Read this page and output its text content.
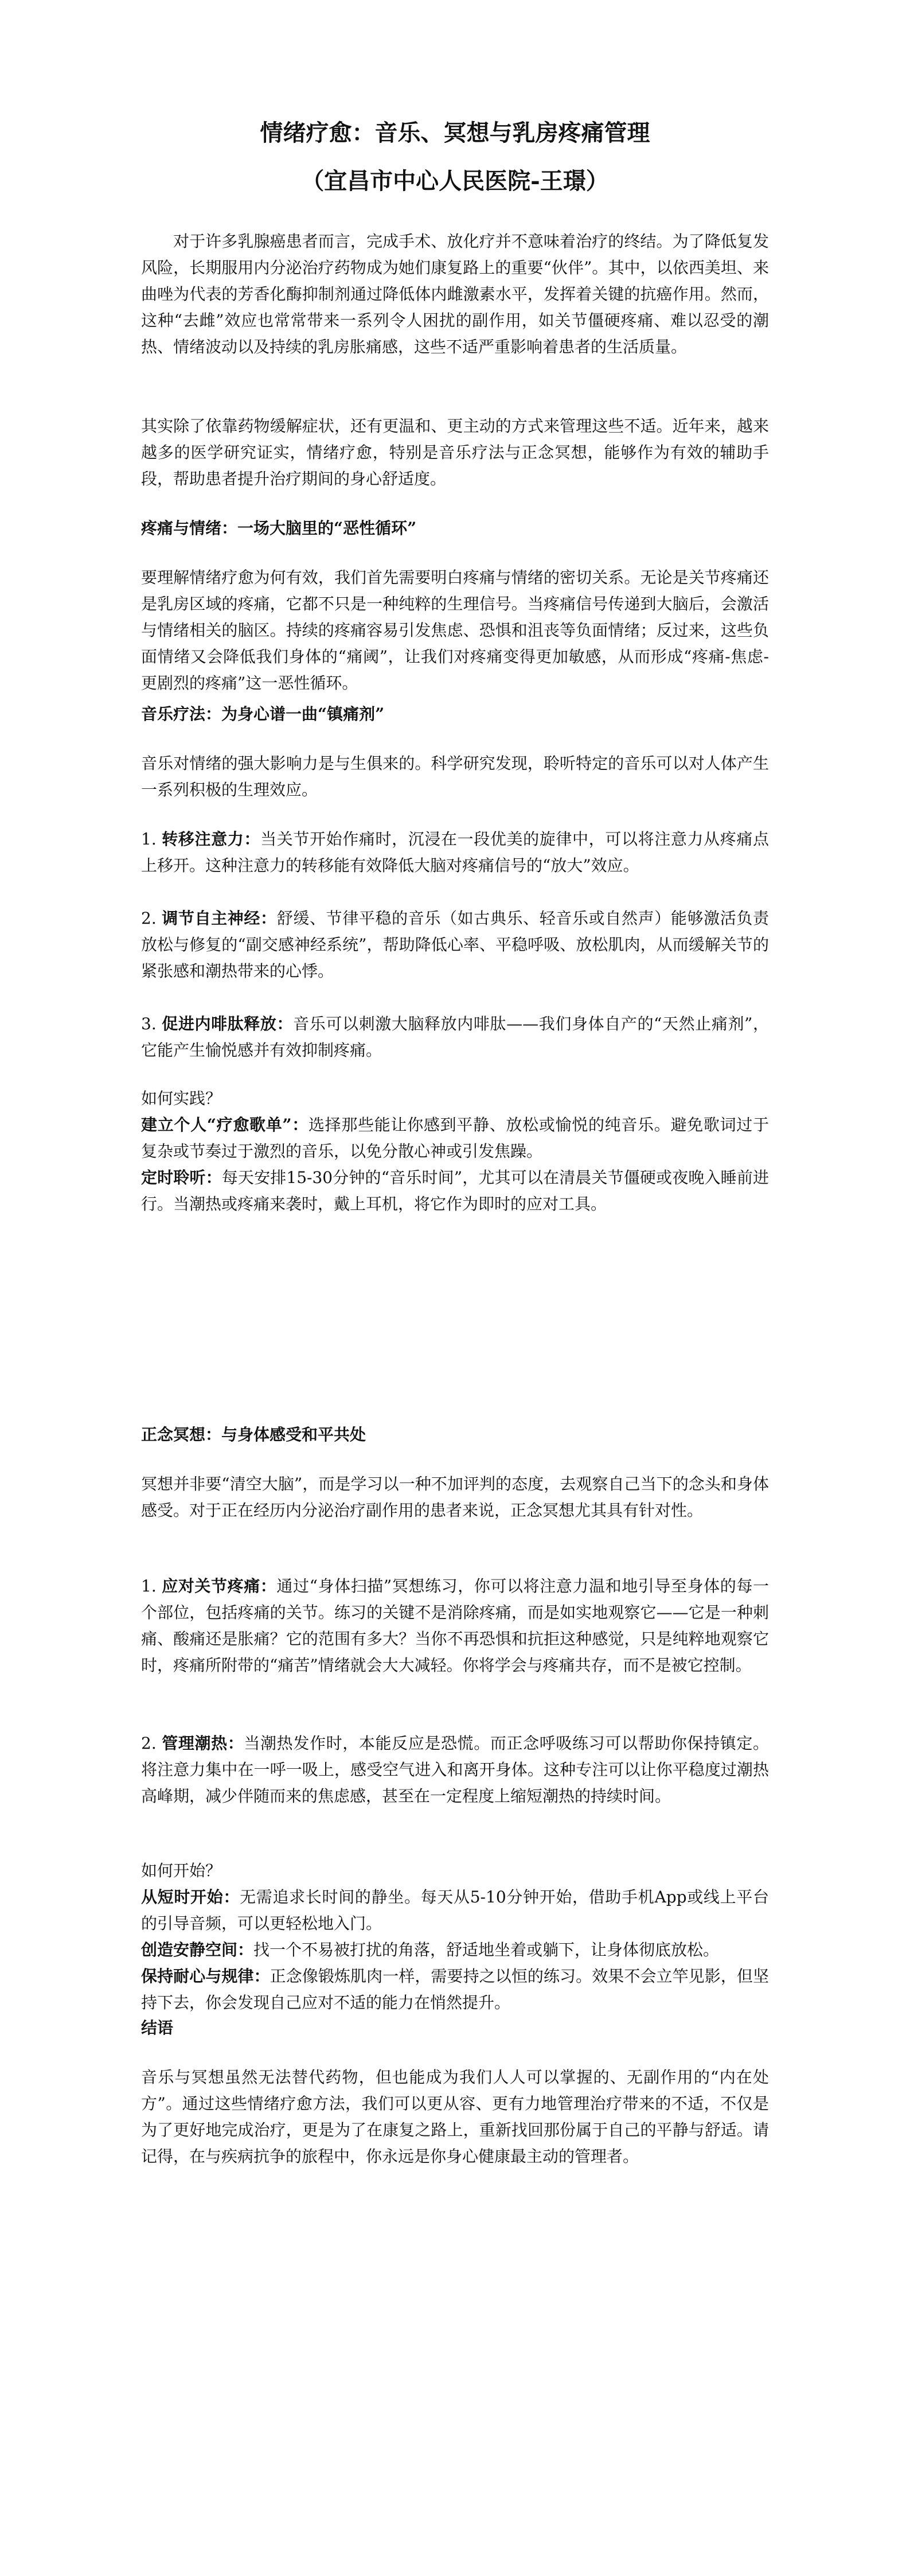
情绪疗愈：音乐、冥想与乳房疼痛管理
（宜昌市中心人民医院-王璟）

对于许多乳腺癌患者而言，完成手术、放化疗并不意味着治疗的终结。为了降低复发风险，长期服用内分泌治疗药物成为她们康复路上的重要“伙伴”。其中，以依西美坦、来曲唑为代表的芳香化酶抑制剂通过降低体内雌激素水平，发挥着关键的抗癌作用。然而，这种“去雌”效应也常常带来一系列令人困扰的副作用，如关节僵硬疼痛、难以忍受的潮热、情绪波动以及持续的乳房胀痛感，这些不适严重影响着患者的生活质量。

其实除了依靠药物缓解症状，还有更温和、更主动的方式来管理这些不适。近年来，越来越多的医学研究证实，情绪疗愈，特别是音乐疗法与正念冥想，能够作为有效的辅助手段，帮助患者提升治疗期间的身心舒适度。

疼痛与情绪：一场大脑里的“恶性循环”

要理解情绪疗愈为何有效，我们首先需要明白疼痛与情绪的密切关系。无论是关节疼痛还是乳房区域的疼痛，它都不只是一种纯粹的生理信号。当疼痛信号传递到大脑后，会激活与情绪相关的脑区。持续的疼痛容易引发焦虑、恐惧和沮丧等负面情绪；反过来，这些负面情绪又会降低我们身体的“痛阈”，让我们对疼痛变得更加敏感，从而形成“疼痛-焦虑-更剧烈的疼痛”这一恶性循环。

音乐疗法：为身心谱一曲“镇痛剂”

音乐对情绪的强大影响力是与生俱来的。科学研究发现，聆听特定的音乐可以对人体产生一系列积极的生理效应。

1. 转移注意力：当关节开始作痛时，沉浸在一段优美的旋律中，可以将注意力从疼痛点上移开。这种注意力的转移能有效降低大脑对疼痛信号的“放大”效应。

2. 调节自主神经：舒缓、节律平稳的音乐（如古典乐、轻音乐或自然声）能够激活负责放松与修复的“副交感神经系统”，帮助降低心率、平稳呼吸、放松肌肉，从而缓解关节的紧张感和潮热带来的心悸。

3. 促进内啡肽释放：音乐可以刺激大脑释放内啡肽——我们身体自产的“天然止痛剂”，它能产生愉悦感并有效抑制疼痛。

如何实践？
建立个人“疗愈歌单”：选择那些能让你感到平静、放松或愉悦的纯音乐。避免歌词过于复杂或节奏过于激烈的音乐，以免分散心神或引发焦躁。
定时聆听：每天安排15-30分钟的“音乐时间”，尤其可以在清晨关节僵硬或夜晚入睡前进行。当潮热或疼痛来袭时，戴上耳机，将它作为即时的应对工具。

正念冥想：与身体感受和平共处

冥想并非要“清空大脑”，而是学习以一种不加评判的态度，去观察自己当下的念头和身体感受。对于正在经历内分泌治疗副作用的患者来说，正念冥想尤其具有针对性。

1. 应对关节疼痛：通过“身体扫描”冥想练习，你可以将注意力温和地引导至身体的每一个部位，包括疼痛的关节。练习的关键不是消除疼痛，而是如实地观察它——它是一种刺痛、酸痛还是胀痛？它的范围有多大？当你不再恐惧和抗拒这种感觉，只是纯粹地观察它时，疼痛所附带的“痛苦”情绪就会大大减轻。你将学会与疼痛共存，而不是被它控制。

2. 管理潮热：当潮热发作时，本能反应是恐慌。而正念呼吸练习可以帮助你保持镇定。将注意力集中在一呼一吸上，感受空气进入和离开身体。这种专注可以让你平稳度过潮热高峰期，减少伴随而来的焦虑感，甚至在一定程度上缩短潮热的持续时间。

如何开始？
从短时开始：无需追求长时间的静坐。每天从5-10分钟开始，借助手机App或线上平台的引导音频，可以更轻松地入门。
创造安静空间：找一个不易被打扰的角落，舒适地坐着或躺下，让身体彻底放松。
保持耐心与规律：正念像锻炼肌肉一样，需要持之以恒的练习。效果不会立竿见影，但坚持下去，你会发现自己应对不适的能力在悄然提升。

结语

音乐与冥想虽然无法替代药物，但也能成为我们人人可以掌握的、无副作用的“内在处方”。通过这些情绪疗愈方法，我们可以更从容、更有力地管理治疗带来的不适，不仅是为了更好地完成治疗，更是为了在康复之路上，重新找回那份属于自己的平静与舒适。请记得，在与疾病抗争的旅程中，你永远是你身心健康最主动的管理者。
